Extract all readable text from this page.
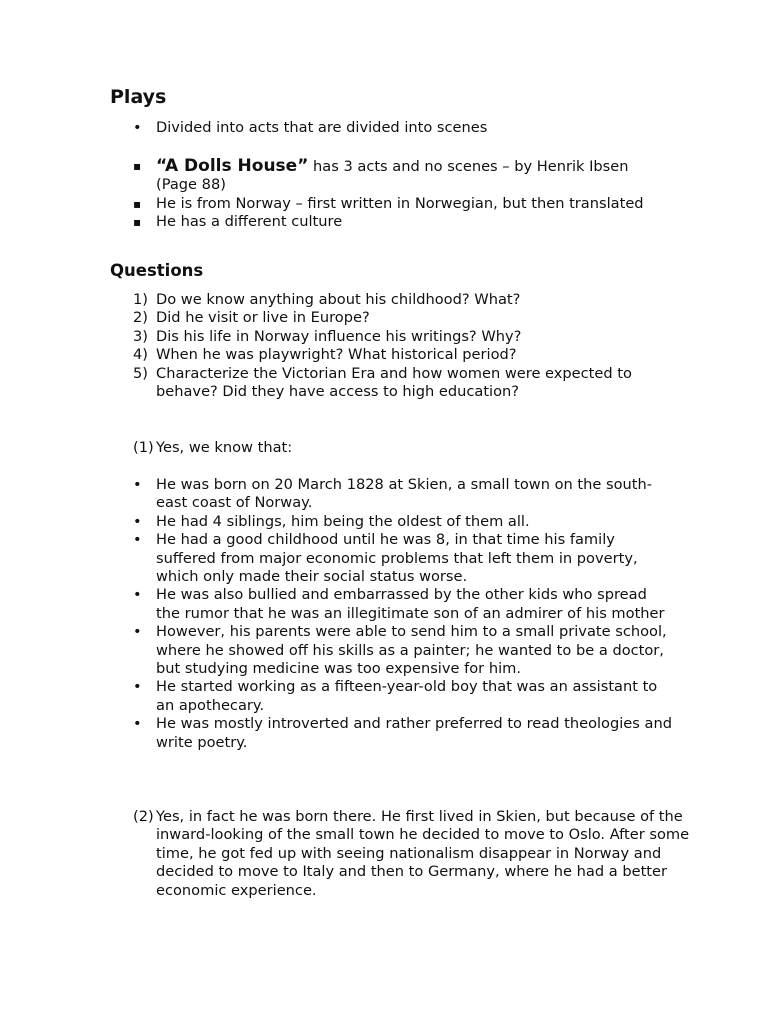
Plays
• Divided into acts that are divided into scenes
▪ “A Dolls House” has 3 acts and no scenes – by Henrik Ibsen (Page 88)
▪ He is from Norway – first written in Norwegian, but then translated
▪ He has a different culture
Questions
1) Do we know anything about his childhood? What?
2) Did he visit or live in Europe?
3) Dis his life in Norway influence his writings? Why?
4) When he was playwright? What historical period?
5) Characterize the Victorian Era and how women were expected to behave? Did they have access to high education?
(1) Yes, we know that:
• He was born on 20 March 1828 at Skien, a small town on the south-east coast of Norway.
• He had 4 siblings, him being the oldest of them all.
• He had a good childhood until he was 8, in that time his family suffered from major economic problems that left them in poverty, which only made their social status worse.
• He was also bullied and embarrassed by the other kids who spread the rumor that he was an illegitimate son of an admirer of his mother
• However, his parents were able to send him to a small private school, where he showed off his skills as a painter; he wanted to be a doctor, but studying medicine was too expensive for him.
• He started working as a fifteen-year-old boy that was an assistant to an apothecary.
• He was mostly introverted and rather preferred to read theologies and write poetry.
(2) Yes, in fact he was born there. He first lived in Skien, but because of the inward-looking of the small town he decided to move to Oslo. After some time, he got fed up with seeing nationalism disappear in Norway and decided to move to Italy and then to Germany, where he had a better economic experience.
